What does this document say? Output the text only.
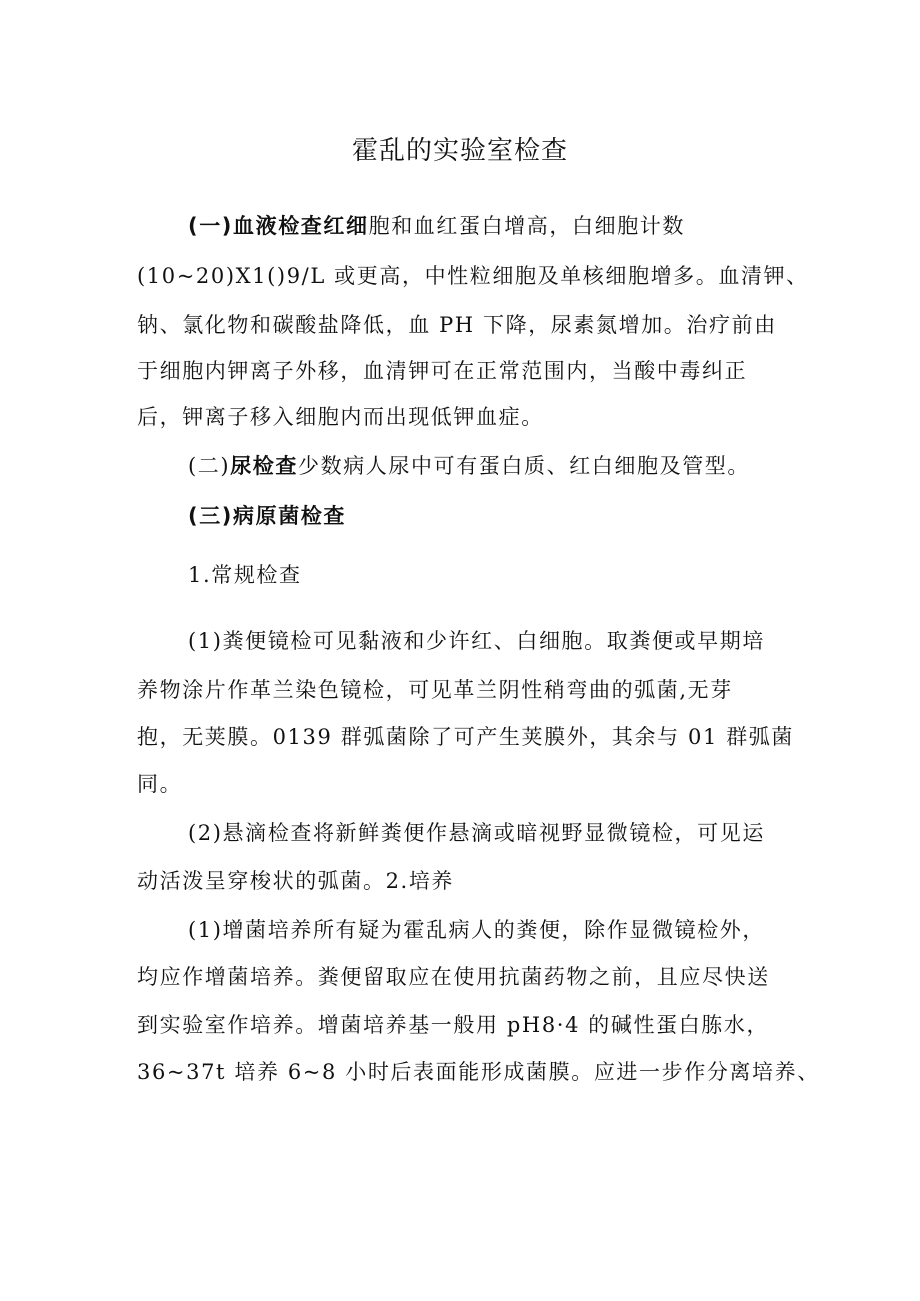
霍乱的实验室检查
(一)血液检查红细胞和血红蛋白增高，白细胞计数
(10~20)X1()9/L 或更高，中性粒细胞及单核细胞增多。血清钾、
钠、氯化物和碳酸盐降低，血 PH 下降，尿素氮增加。治疗前由
于细胞内钾离子外移，血清钾可在正常范围内，当酸中毒纠正
后，钾离子移入细胞内而出现低钾血症。
(二)尿检查少数病人尿中可有蛋白质、红白细胞及管型。
(三)病原菌检查
1.常规检查
(1)粪便镜检可见黏液和少许红、白细胞。取粪便或早期培
养物涂片作革兰染色镜检，可见革兰阴性稍弯曲的弧菌,无芽
抱，无荚膜。0139 群弧菌除了可产生荚膜外，其余与 01 群弧菌
同。
(2)悬滴检查将新鲜粪便作悬滴或暗视野显微镜检，可见运
动活泼呈穿梭状的弧菌。2.培养
(1)增菌培养所有疑为霍乱病人的粪便，除作显微镜检外，
均应作增菌培养。粪便留取应在使用抗菌药物之前，且应尽快送
到实验室作培养。增菌培养基一般用 pH8·4 的碱性蛋白胨水，
36~37t 培养 6~8 小时后表面能形成菌膜。应进一步作分离培养、
